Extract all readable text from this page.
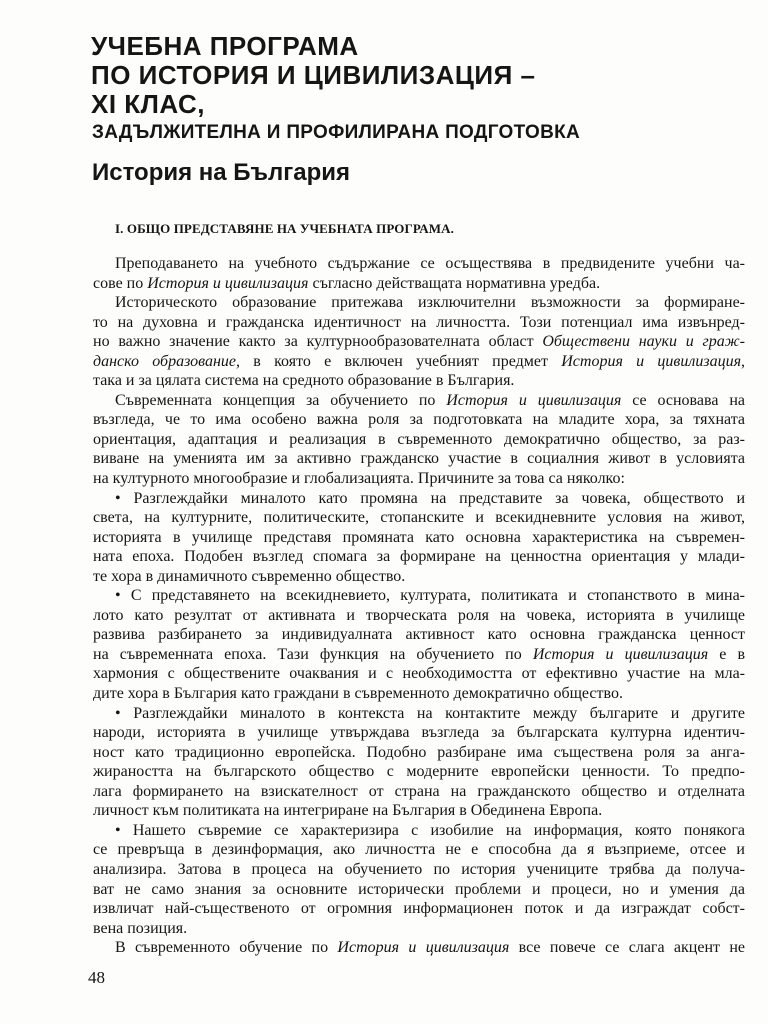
УЧЕБНА ПРОГРАМА
ПО ИСТОРИЯ И ЦИВИЛИЗАЦИЯ –
XI КЛАС,
ЗАДЪЛЖИТЕЛНА И ПРОФИЛИРАНА ПОДГОТОВКА
История на България
I. ОБЩО ПРЕДСТАВЯНЕ НА УЧЕБНАТА ПРОГРАМА.
Преподаването на учебното съдържание се осъществява в предвидените учебни ча-
сове по История и цивилизация съгласно действащата нормативна уредба.
Историческото образование притежава изключителни възможности за формиране-
то на духовна и гражданска идентичност на личността. Този потенциал има извънред-
но важно значение както за културнообразователната област Обществени науки и граж-
данско образование, в която е включен учебният предмет История и цивилизация,
така и за цялата система на средното образование в България.
Съвременната концепция за обучението по История и цивилизация се основава на
възгледа, че то има особено важна роля за подготовката на младите хора, за тяхната
ориентация, адаптация и реализация в съвременното демократично общество, за раз-
виване на уменията им за активно гражданско участие в социалния живот в условията
на културното многообразие и глобализацията. Причините за това са няколко:
• Разглеждайки миналото като промяна на представите за човека, обществото и
света, на културните, политическите, стопанските и всекидневните условия на живот,
историята в училище представя промяната като основна характеристика на съвремен-
ната епоха. Подобен възглед спомага за формиране на ценностна ориентация у млади-
те хора в динамичното съвременно общество.
• С представянето на всекидневието, културата, политиката и стопанството в мина-
лото като резултат от активната и творческата роля на човека, историята в училище
развива разбирането за индивидуалната активност като основна гражданска ценност
на съвременната епоха. Тази функция на обучението по История и цивилизация е в
хармония с обществените очаквания и с необходимостта от ефективно участие на мла-
дите хора в България като граждани в съвременното демократично общество.
• Разглеждайки миналото в контекста на контактите между българите и другите
народи, историята в училище утвърждава възгледа за българската културна идентич-
ност като традиционно европейска. Подобно разбиране има съществена роля за анга-
жираността на българското общество с модерните европейски ценности. То предпо-
лага формирането на взискателност от страна на гражданското общество и отделната
личност към политиката на интегриране на България в Обединена Европа.
• Нашето съвремие се характеризира с изобилие на информация, която понякога
се превръща в дезинформация, ако личността не е способна да я възприеме, отсее и
анализира. Затова в процеса на обучението по история учениците трябва да получа-
ват не само знания за основните исторически проблеми и процеси, но и умения да
извличат най-същественото от огромния информационен поток и да изграждат собст-
вена позиция.
В съвременното обучение по История и цивилизация все повече се слага акцент не
48
